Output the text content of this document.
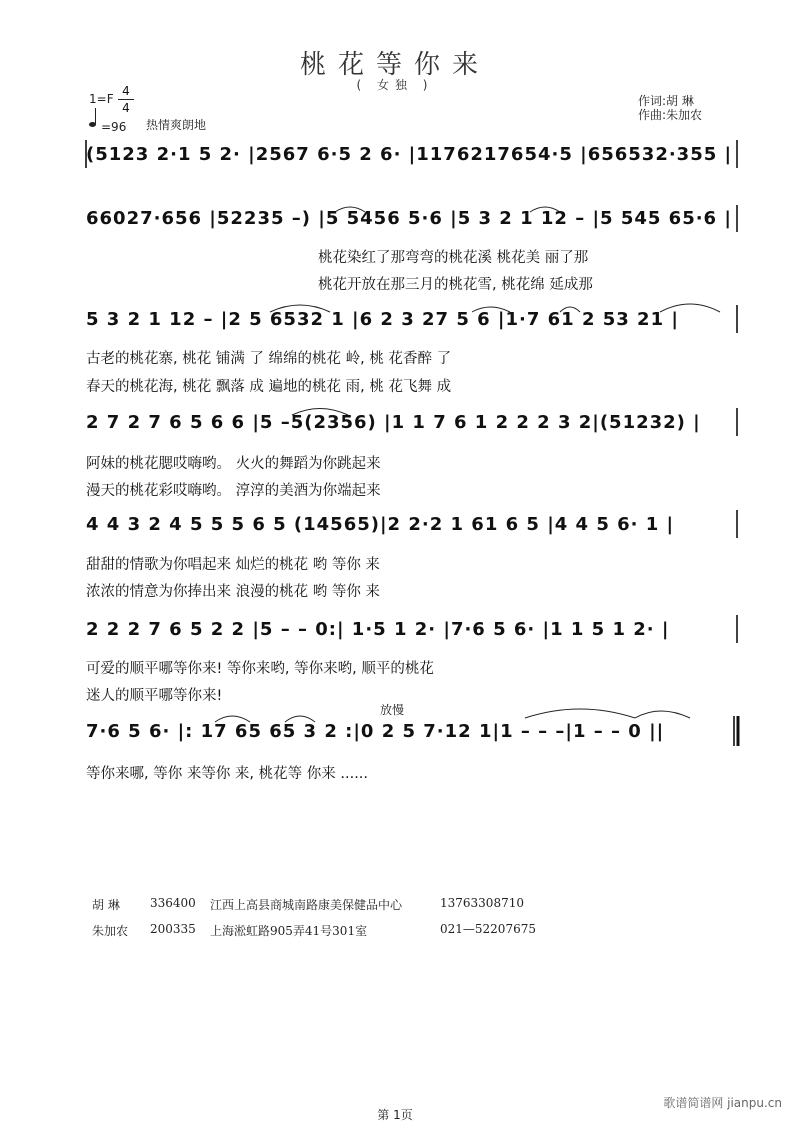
桃花等你来
( 女独 )
1=F
4
4
=96 热情爽朗地
作词:胡 琳
作曲:朱加农
(5123 2·1 5 2· |2567 6·5 2 6· |1176217654·5 |656532·355 |
66027·656 |52235 –) |5 5456 5·6 |5 3 2 1 12 – |5 545 65·6 |
桃花染红了那弯弯的桃花溪 桃花美 丽了那
桃花开放在那三月的桃花雪, 桃花绵 延成那
5 3 2 1 12 – |2 5 6532 1 |6 2 3 27 5 6 |1·7 61 2 53 21 |
古老的桃花寨, 桃花 铺满 了 绵绵的桃花 岭, 桃 花香醉 了
春天的桃花海, 桃花 飘落 成 遍地的桃花 雨, 桃 花飞舞 成
2 7 2 7 6 5 6 6 |5 –5(2356) |1 1 7 6 1 2 2 2 3 2|(51232) |
阿妹的桃花腮哎嗨哟。 火火的舞蹈为你跳起来
漫天的桃花彩哎嗨哟。 淳淳的美酒为你端起来
4 4 3 2 4 5 5 5 6 5 (14565)|2 2·2 1 61 6 5 |4 4 5 6· 1 |
甜甜的情歌为你唱起来 灿烂的桃花 哟 等你 来
浓浓的情意为你捧出来 浪漫的桃花 哟 等你 来
2 2 2 7 6 5 2 2 |5 – – 0:| 1·5 1 2· |7·6 5 6· |1 1 5 1 2· |
可爱的顺平哪等你来! 等你来哟, 等你来哟, 顺平的桃花
迷人的顺平哪等你来!
放慢
7·6 5 6· |: 17 65 65 3 2 :|0 2 5 7·12 1|1 – – –|1 – – 0 ||
等你来哪, 等你 来等你 来, 桃花等 你来 ......
胡 琳	336400 江西上高县商城南路康美保健品中心	13763308710
朱加农 200335 上海淞虹路905弄41号301室	021—52207675
歌谱简谱网 jianpu.cn
第 1页
